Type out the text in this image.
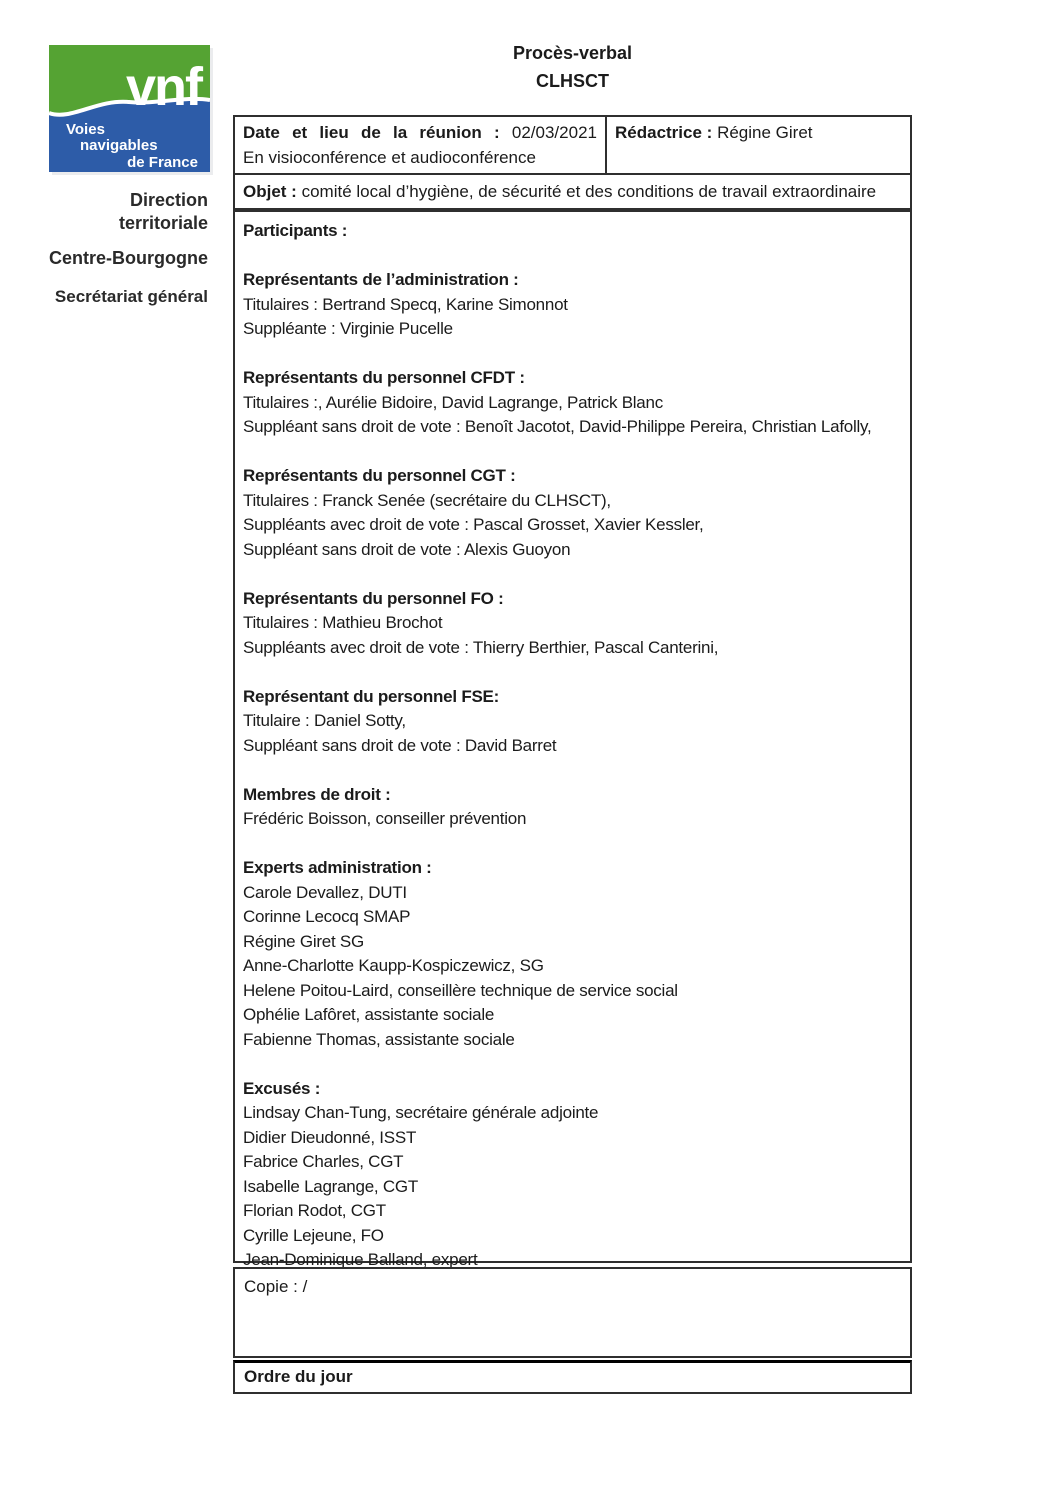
vnf
Voies
navigables
de France
Direction
territoriale
Centre-Bourgogne
Secrétariat général
Procès-verbal
CLHSCT
Date et lieu de la réunion : 02/03/2021
En visioconférence et audioconférence
Rédactrice : Régine Giret
Objet : comité local d’hygiène, de sécurité et des conditions de travail extraordinaire
Participants :
Représentants de l’administration :
Titulaires : Bertrand Specq, Karine Simonnot
Suppléante : Virginie Pucelle
Représentants du personnel CFDT :
Titulaires :, Aurélie Bidoire, David Lagrange, Patrick Blanc
Suppléant sans droit de vote : Benoît Jacotot, David-Philippe Pereira, Christian Lafolly,
Représentants du personnel CGT :
Titulaires : Franck Senée (secrétaire du CLHSCT),
Suppléants avec droit de vote : Pascal Grosset, Xavier Kessler,
Suppléant sans droit de vote : Alexis Guoyon
Représentants du personnel FO :
Titulaires : Mathieu Brochot
Suppléants avec droit de vote : Thierry Berthier, Pascal Canterini,
Représentant du personnel FSE:
Titulaire : Daniel Sotty,
Suppléant sans droit de vote : David Barret
Membres de droit :
Frédéric Boisson, conseiller prévention
Experts administration :
Carole Devallez, DUTI
Corinne Lecocq SMAP
Régine Giret SG
Anne-Charlotte Kaupp-Kospiczewicz, SG
Helene Poitou-Laird, conseillère technique de service social
Ophélie Lafôret, assistante sociale
Fabienne Thomas, assistante sociale
Excusés :
Lindsay Chan-Tung, secrétaire générale adjointe
Didier Dieudonné, ISST
Fabrice Charles, CGT
Isabelle Lagrange, CGT
Florian Rodot, CGT
Cyrille Lejeune, FO
Jean-Dominique Balland, expert
Copie : /
Ordre du jour
